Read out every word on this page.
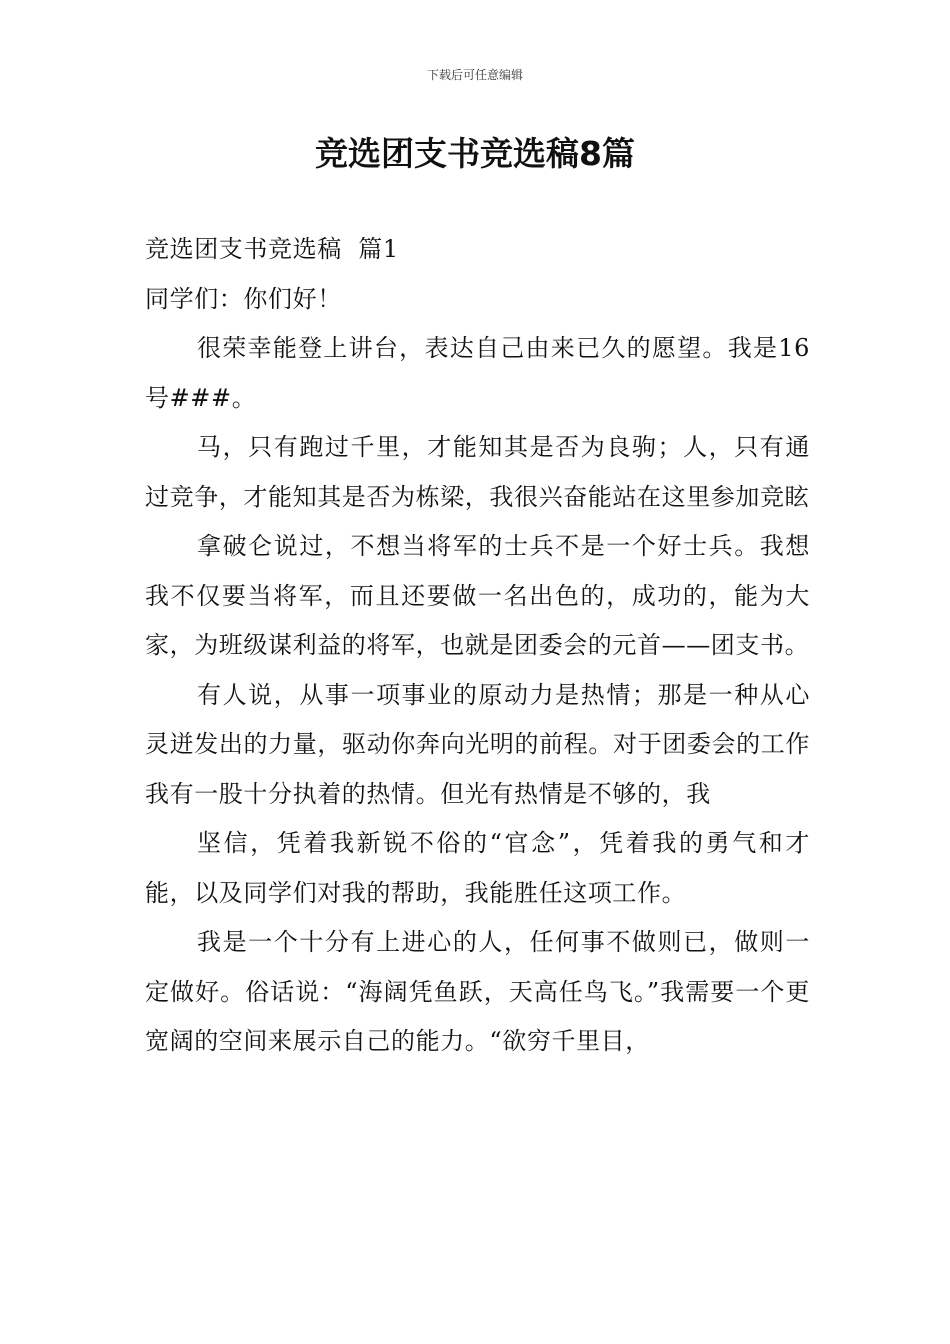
下载后可任意编辑
竞选团支书竞选稿8篇

竞选团支书竞选稿  篇1

同学们：你们好！

很荣幸能登上讲台，表达自己由来已久的愿望。我是16号###。

马，只有跑过千里，才能知其是否为良驹；人，只有通过竞争，才能知其是否为栋梁，我很兴奋能站在这里参加竞眩

拿破仑说过，不想当将军的士兵不是一个好士兵。我想我不仅要当将军，而且还要做一名出色的，成功的，能为大家，为班级谋利益的将军，也就是团委会的元首——团支书。

有人说，从事一项事业的原动力是热情；那是一种从心灵迸发出的力量，驱动你奔向光明的前程。对于团委会的工作我有一股十分执着的热情。但光有热情是不够的，我

坚信，凭着我新锐不俗的“官念”，凭着我的勇气和才能，以及同学们对我的帮助，我能胜任这项工作。

我是一个十分有上进心的人，任何事不做则已，做则一定做好。俗话说：“海阔凭鱼跃，天高任鸟飞。”我需要一个更宽阔的空间来展示自己的能力。“欲穷千里目，
